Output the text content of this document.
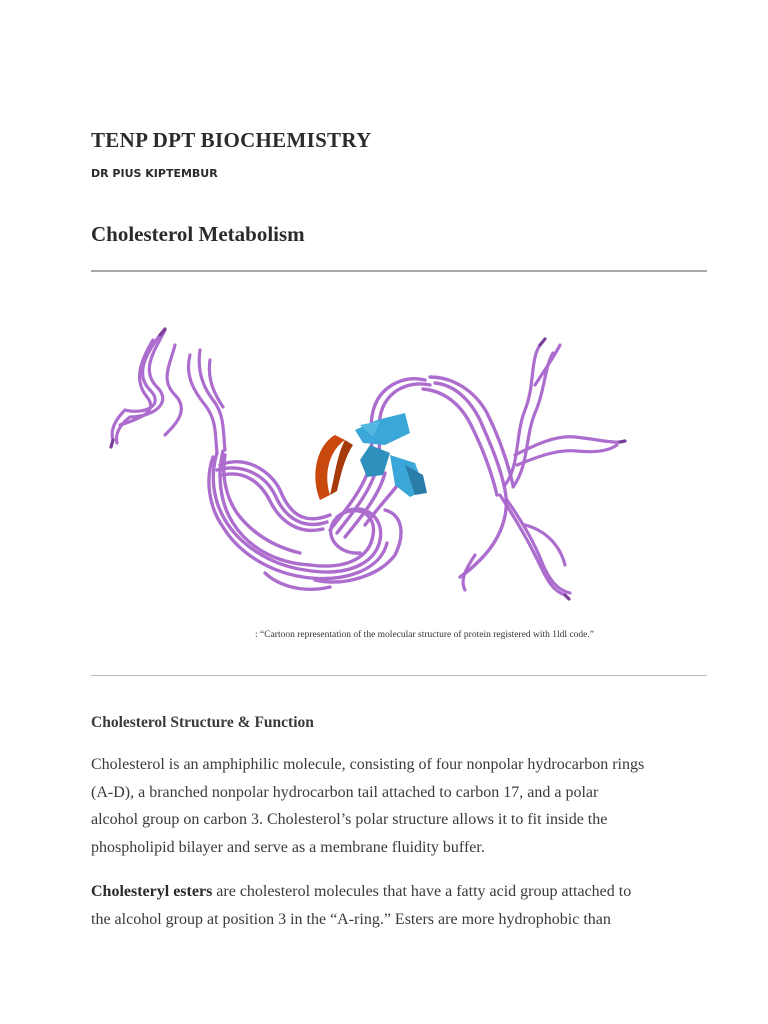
TENP DPT BIOCHEMISTRY

DR PIUS KIPTEMBUR

Cholesterol Metabolism

: “Cartoon representation of the molecular structure of protein registered with 1ldl code.”

Cholesterol Structure & Function

Cholesterol is an amphiphilic molecule, consisting of four nonpolar hydrocarbon rings
(A-D), a branched nonpolar hydrocarbon tail attached to carbon 17, and a polar
alcohol group on carbon 3. Cholesterol’s polar structure allows it to fit inside the
phospholipid bilayer and serve as a membrane fluidity buffer.

Cholesteryl esters are cholesterol molecules that have a fatty acid group attached to
the alcohol group at position 3 in the “A-ring.” Esters are more hydrophobic than
